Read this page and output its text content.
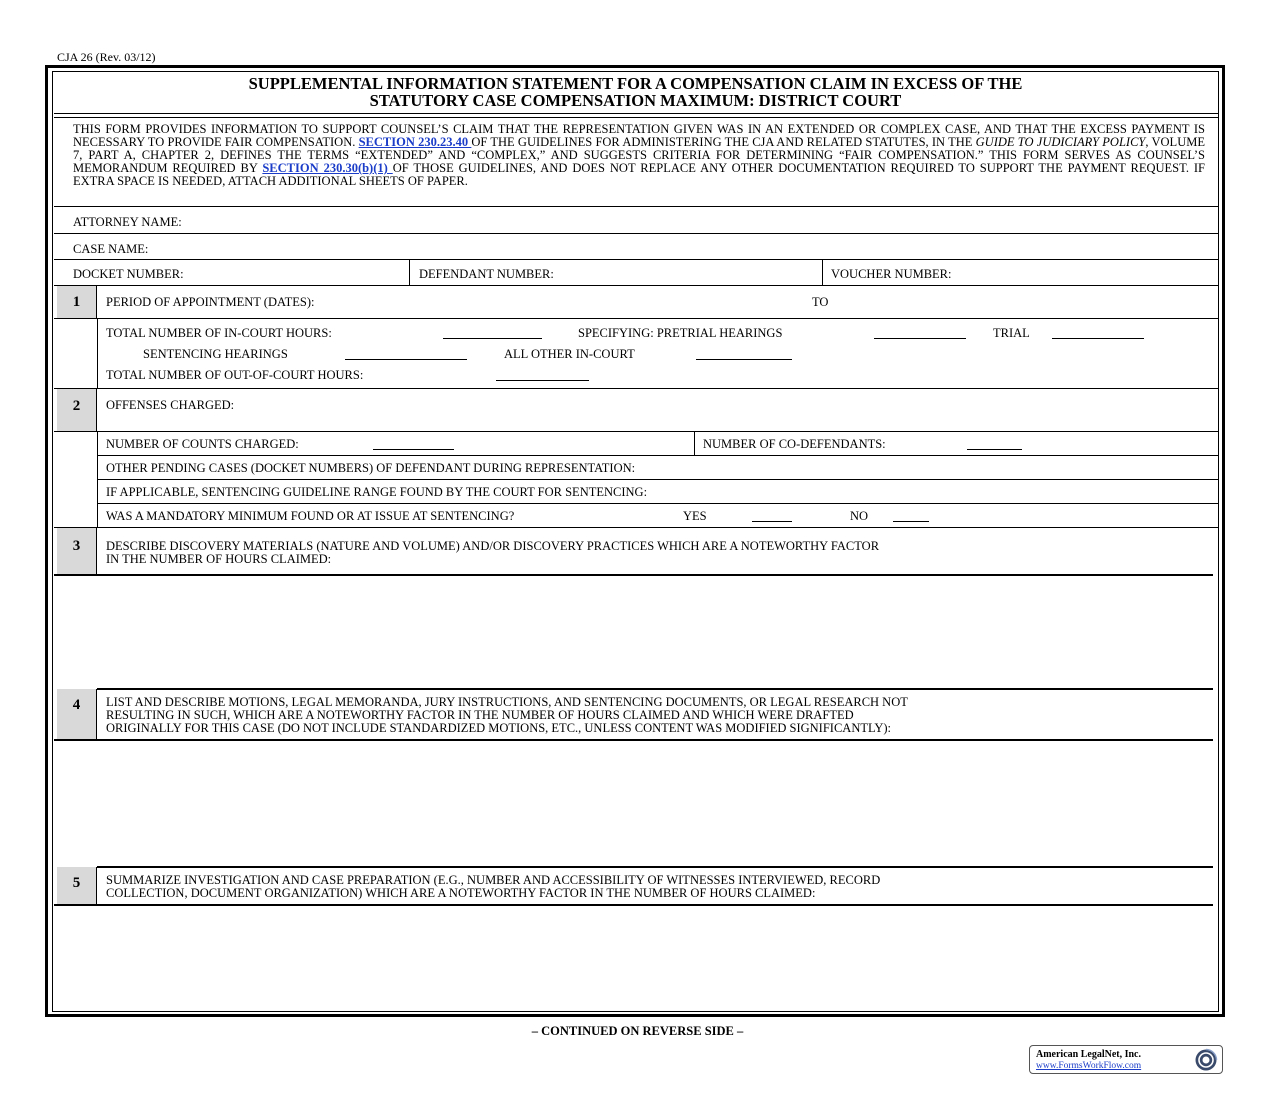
CJA 26 (Rev. 03/12)
SUPPLEMENTAL INFORMATION STATEMENT FOR A COMPENSATION CLAIM IN EXCESS OF THE
STATUTORY CASE COMPENSATION MAXIMUM: DISTRICT COURT

THIS FORM PROVIDES INFORMATION TO SUPPORT COUNSEL’S CLAIM THAT THE REPRESENTATION GIVEN WAS IN AN EXTENDED OR COMPLEX CASE, AND THAT THE EXCESS PAYMENT IS NECESSARY TO PROVIDE FAIR COMPENSATION. SECTION 230.23.40 OF THE GUIDELINES FOR ADMINISTERING THE CJA AND RELATED STATUTES, IN THE GUIDE TO JUDICIARY POLICY, VOLUME 7, PART A, CHAPTER 2, DEFINES THE TERMS “EXTENDED” AND “COMPLEX,” AND SUGGESTS CRITERIA FOR DETERMINING “FAIR COMPENSATION.” THIS FORM SERVES AS COUNSEL’S MEMORANDUM REQUIRED BY SECTION 230.30(b)(1) OF THOSE GUIDELINES, AND DOES NOT REPLACE ANY OTHER DOCUMENTATION REQUIRED TO SUPPORT THE PAYMENT REQUEST. IF EXTRA SPACE IS NEEDED, ATTACH ADDITIONAL SHEETS OF PAPER.

ATTORNEY NAME:
CASE NAME:
DOCKET NUMBER:	DEFENDANT NUMBER:	VOUCHER NUMBER:
1	PERIOD OF APPOINTMENT (DATES):	TO
TOTAL NUMBER OF IN-COURT HOURS:	SPECIFYING: PRETRIAL HEARINGS	TRIAL
SENTENCING HEARINGS	ALL OTHER IN-COURT
TOTAL NUMBER OF OUT-OF-COURT HOURS:
2	OFFENSES CHARGED:
NUMBER OF COUNTS CHARGED:	NUMBER OF CO-DEFENDANTS:
OTHER PENDING CASES (DOCKET NUMBERS) OF DEFENDANT DURING REPRESENTATION:
IF APPLICABLE, SENTENCING GUIDELINE RANGE FOUND BY THE COURT FOR SENTENCING:
WAS A MANDATORY MINIMUM FOUND OR AT ISSUE AT SENTENCING?	YES	NO
3	DESCRIBE DISCOVERY MATERIALS (NATURE AND VOLUME) AND/OR DISCOVERY PRACTICES WHICH ARE A NOTEWORTHY FACTOR
IN THE NUMBER OF HOURS CLAIMED:
4	LIST AND DESCRIBE MOTIONS, LEGAL MEMORANDA, JURY INSTRUCTIONS, AND SENTENCING DOCUMENTS, OR LEGAL RESEARCH NOT
RESULTING IN SUCH, WHICH ARE A NOTEWORTHY FACTOR IN THE NUMBER OF HOURS CLAIMED AND WHICH WERE DRAFTED
ORIGINALLY FOR THIS CASE (DO NOT INCLUDE STANDARDIZED MOTIONS, ETC., UNLESS CONTENT WAS MODIFIED SIGNIFICANTLY):
5	SUMMARIZE INVESTIGATION AND CASE PREPARATION (E.G., NUMBER AND ACCESSIBILITY OF WITNESSES INTERVIEWED, RECORD
COLLECTION, DOCUMENT ORGANIZATION) WHICH ARE A NOTEWORTHY FACTOR IN THE NUMBER OF HOURS CLAIMED:
– CONTINUED ON REVERSE SIDE –
American LegalNet, Inc.
www.FormsWorkFlow.com
